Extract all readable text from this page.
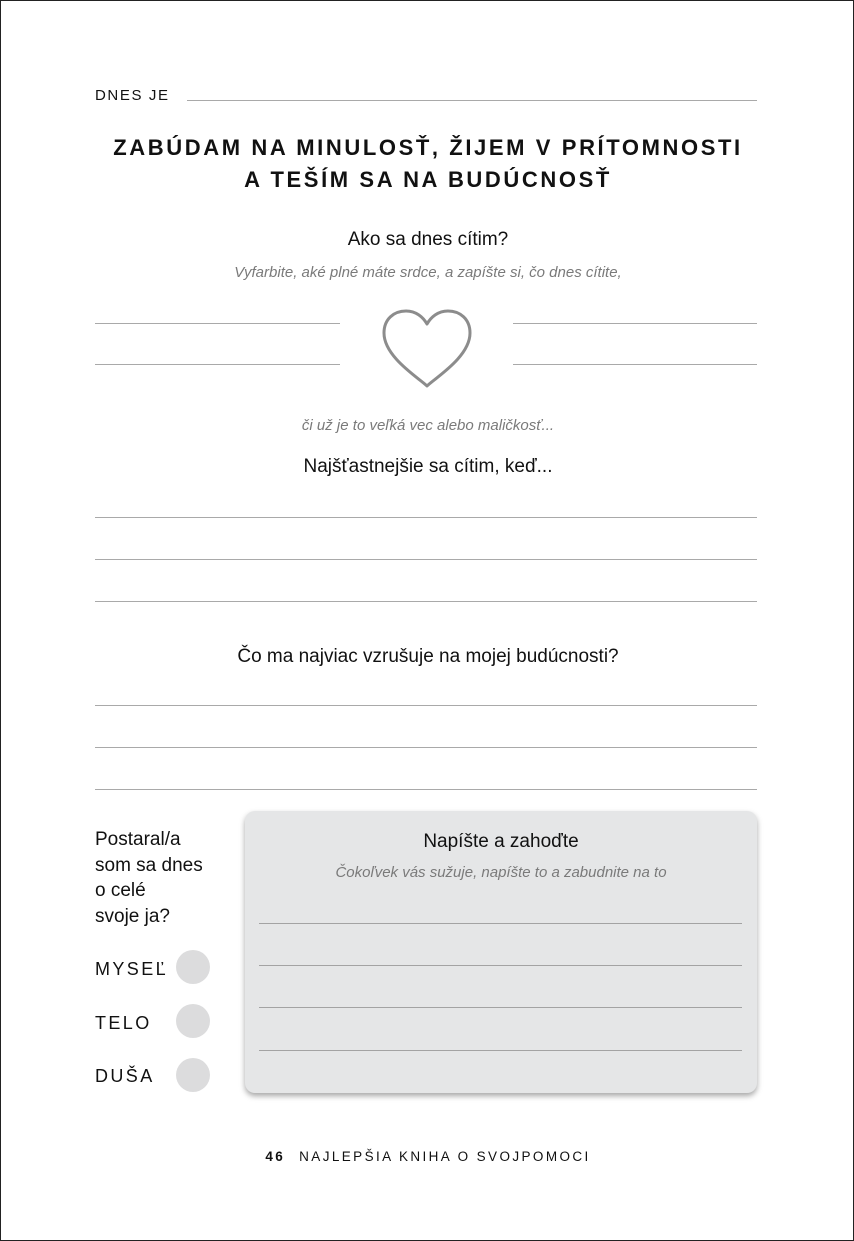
DNES JE
ZABÚDAM NA MINULOSŤ, ŽIJEM V PRÍTOMNOSTI
A TEŠÍM SA NA BUDÚCNOSŤ
Ako sa dnes cítim?
Vyfarbite, aké plné máte srdce, a zapíšte si, čo dnes cítite,
či už je to veľká vec alebo maličkosť...
Najšťastnejšie sa cítim, keď...
Čo ma najviac vzrušuje na mojej budúcnosti?
Postaral/a
som sa dnes
o celé
svoje ja?
MYSEĽ
TELO
DUŠA
Napíšte a zahoďte
Čokoľvek vás sužuje, napíšte to a zabudnite na to
46 NAJLEPŠIA KNIHA O SVOJPOMOCI
